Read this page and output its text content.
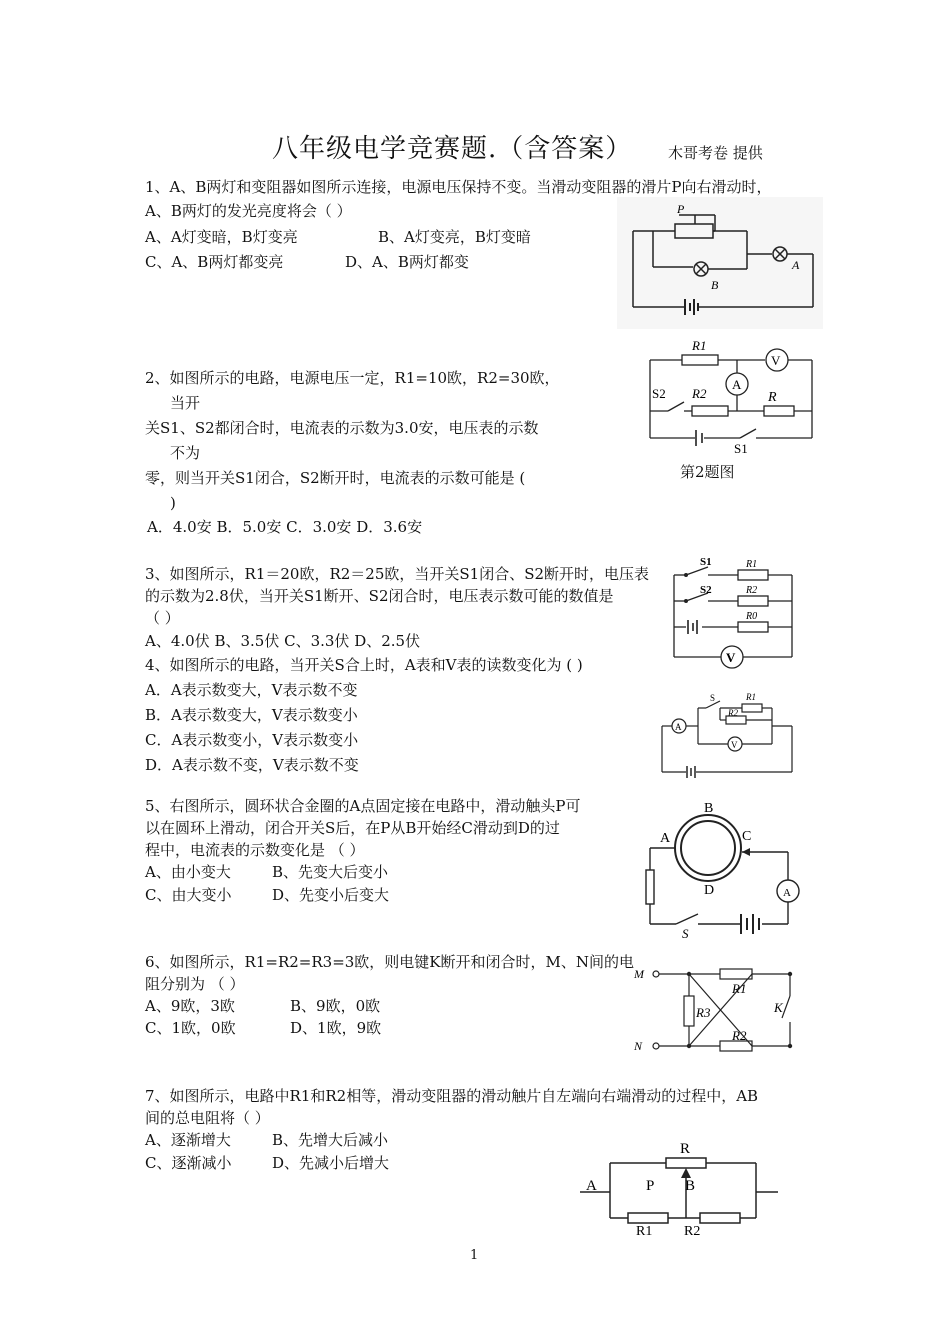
八年级电学竞赛题.（含答案） 木哥考卷 提供
1、A、B两灯和变阻器如图所示连接，电源电压保持不变。当滑动变阻器的滑片P向右滑动时，
A、B两灯的发光亮度将会（ ）
A、A灯变暗，B灯变亮	B、A灯变亮，B灯变暗
C、A、B两灯都变亮	D、A、B两灯都变
P
A
B
2、如图所示的电路，电源电压一定，R1=10欧，R2=30欧，
当开
关S1、S2都闭合时，电流表的示数为3.0安，电压表的示数
不为
零，则当开关S1闭合，S2断开时，电流表的示数可能是 (
)
A．4.0安 B．5.0安 C．3.0安 D．3.6安
R1
V
A
S2 R2	R
S1
第2题图
3、如图所示，R1＝20欧，R2＝25欧，当开关S1闭合、S2断开时，电压表
的示数为2.8伏，当开关S1断开、S2闭合时，电压表示数可能的数值是
（ ）
A、4.0伏 B、3.5伏 C、3.3伏 D、2.5伏
S1
S2
R1
R2
R0
V
4、如图所示的电路，当开关S合上时，A表和V表的读数变化为 ( )
A．A表示数变大，V表示数不变
B．A表示数变大，V表示数变小
C．A表示数变小，V表示数变小
D．A表示数不变，V表示数不变
A
V
S	R1
R2
5、右图所示，圆环状合金圈的A点固定接在电路中，滑动触头P可
以在圆环上滑动，闭合开关S后，在P从B开始经C滑动到D的过
程中，电流表的示数变化是 （ ）
A、由小变大	B、先变大后变小
C、由大变小	D、先变小后变大
A
B
C
D
S
A
6、如图所示，R1=R2=R3=3欧，则电键K断开和闭合时，M、N间的电
阻分别为 （ ）
A、9欧，3欧	B、9欧，0欧
C、1欧，0欧	D、1欧，9欧
M
N
R1
R3
R2
K
7、如图所示，电路中R1和R2相等，滑动变阻器的滑动触片自左端向右端滑动的过程中，AB
间的总电阻将（ ）
A、逐渐增大	B、先增大后减小
C、逐渐减小	D、先减小后增大
R
A	P B
R1 R2
1
